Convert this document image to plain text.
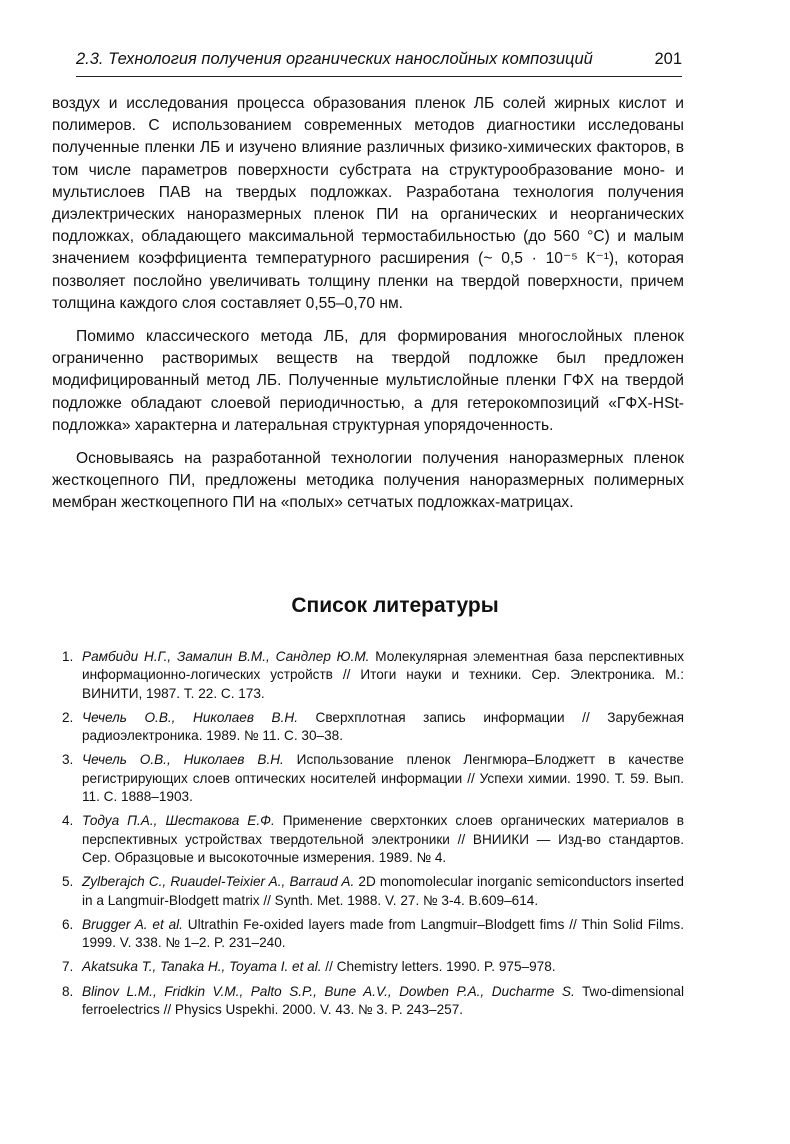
2.3. Технология получения органических нанослойных композиций	201

воздух и исследования процесса образования пленок ЛБ солей жирных кислот и полимеров. С использованием современных методов диагностики исследованы полученные пленки ЛБ и изучено влияние различных физико-химических факторов, в том числе параметров поверхности субстрата на структурообразование моно- и мультислоев ПАВ на твердых подложках. Разработана технология получения диэлектрических наноразмерных пленок ПИ на органических и неорганических подложках, обладающего максимальной термостабильностью (до 560 °С) и малым значением коэффициента температурного расширения (~ 0,5 · 10⁻⁵ К⁻¹), которая позволяет послойно увеличивать толщину пленки на твердой поверхности, причем толщина каждого слоя составляет 0,55–0,70 нм.

Помимо классического метода ЛБ, для формирования многослойных пленок ограниченно растворимых веществ на твердой подложке был предложен модифицированный метод ЛБ. Полученные мультислойные пленки ГФХ на твердой подложке обладают слоевой периодичностью, а для гетерокомпозиций «ГФХ-HSt-подложка» характерна и латеральная структурная упорядоченность.

Основываясь на разработанной технологии получения наноразмерных пленок жесткоцепного ПИ, предложены методика получения наноразмерных полимерных мембран жесткоцепного ПИ на «полых» сетчатых подложках-матрицах.

Список литературы
1. Рамбиди Н.Г., Замалин В.М., Сандлер Ю.М. Молекулярная элементная база перспективных информационно-логических устройств // Итоги науки и техники. Сер. Электроника. М.: ВИНИТИ, 1987. Т. 22. С. 173.
2. Чечель О.В., Николаев В.Н. Сверхплотная запись информации // Зарубежная радиоэлектроника. 1989. № 11. С. 30–38.
3. Чечель О.В., Николаев В.Н. Использование пленок Ленгмюра–Блоджетт в качестве регистрирующих слоев оптических носителей информации // Успехи химии. 1990. Т. 59. Вып. 11. С. 1888–1903.
4. Тодуа П.А., Шестакова Е.Ф. Применение сверхтонких слоев органических материалов в перспективных устройствах твердотельной электроники // ВНИИКИ — Изд-во стандартов. Сер. Образцовые и высокоточные измерения. 1989. № 4.
5. Zylberajch C., Ruaudel-Teixier A., Barraud A. 2D monomolecular inorganic semiconductors inserted in a Langmuir-Blodgett matrix // Synth. Met. 1988. V. 27. № 3-4. B.609–614.
6. Brugger A. et al. Ultrathin Fe-oxided layers made from Langmuir–Blodgett fims // Thin Solid Films. 1999. V. 338. № 1–2. P. 231–240.
7. Akatsuka T., Tanaka H., Toyama I. et al. // Chemistry letters. 1990. P. 975–978.
8. Blinov L.M., Fridkin V.M., Palto S.P., Bune A.V., Dowben P.A., Ducharme S. Two-dimensional ferroelectrics // Physics Uspekhi. 2000. V. 43. № 3. P. 243–257.
